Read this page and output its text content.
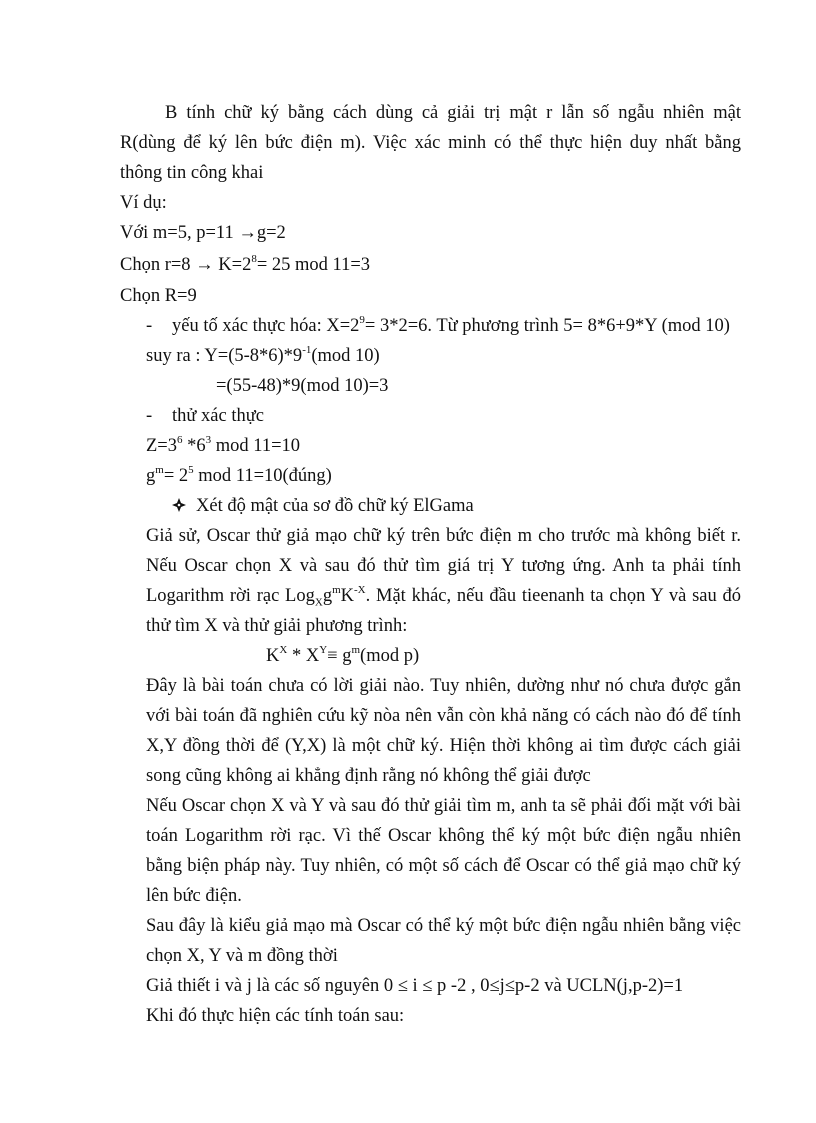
B tính chữ ký bằng cách dùng cả giải trị mật r lẫn số ngẫu nhiên mật

R(dùng để ký lên bức điện m). Việc xác minh có thể thực hiện duy nhất bằng

thông tin công khai

Ví dụ:

Với m=5, p=11 →g=2

Chọn $r=8 \to K=2^8= 25$ mod 11=3

Chọn R=9

- yếu tố xác thực hóa: $X=2^9= 3*2=6$. Từ phương trình 5= 8*6+9*Y (mod 10)

suy ra : $Y=(5-8*6)*9^{-1}(mod$ 10)

=(55-48)*9(mod 10)=3

- thử xác thực

$Z=3^6$ $*6^3$ mod 11=10

$g^m= 2^5$ mod 11=10(đúng)

Xét độ mật của sơ đồ chữ ký ElGama

Giả sử, Oscar thử giả mạo chữ ký trên bức điện m cho trước mà không biết r.

Nếu Oscar chọn X và sau đó thử tìm giá trị Y tương ứng. Anh ta phải tính

Logarithm rời rạc $Log_Xg^mK^{-X}$. Mặt khác, nếu đầu tieenanh ta chọn Y và sau đó

thử tìm X và thử giải phương trình:

$K^X * X^Y\equiv g^m(mod$ p)

Đây là bài toán chưa có lời giải nào. Tuy nhiên, dường như nó chưa được gắn

với bài toán đã nghiên cứu kỹ nòa nên vẫn còn khả năng có cách nào đó để tính

X,Y đồng thời để (Y,X) là một chữ ký. Hiện thời không ai tìm được cách giải

song cũng không ai khẳng định rằng nó không thể giải được

Nếu Oscar chọn X và Y và sau đó thử giải tìm m, anh ta sẽ phải đối mặt với bài

toán Logarithm rời rạc. Vì thế Oscar không thể ký một bức điện ngẫu nhiên

bằng biện pháp này. Tuy nhiên, có một số cách để Oscar có thể giả mạo chữ ký

lên bức điện.

Sau đây là kiểu giả mạo mà Oscar có thể ký một bức điện ngẫu nhiên bằng việc

chọn X, Y và m đồng thời

Giả thiết i và j là các số nguyên 0 ≤ i ≤ p -2 , 0≤j≤p-2 và UCLN(j,p-2)=1

Khi đó thực hiện các tính toán sau:
